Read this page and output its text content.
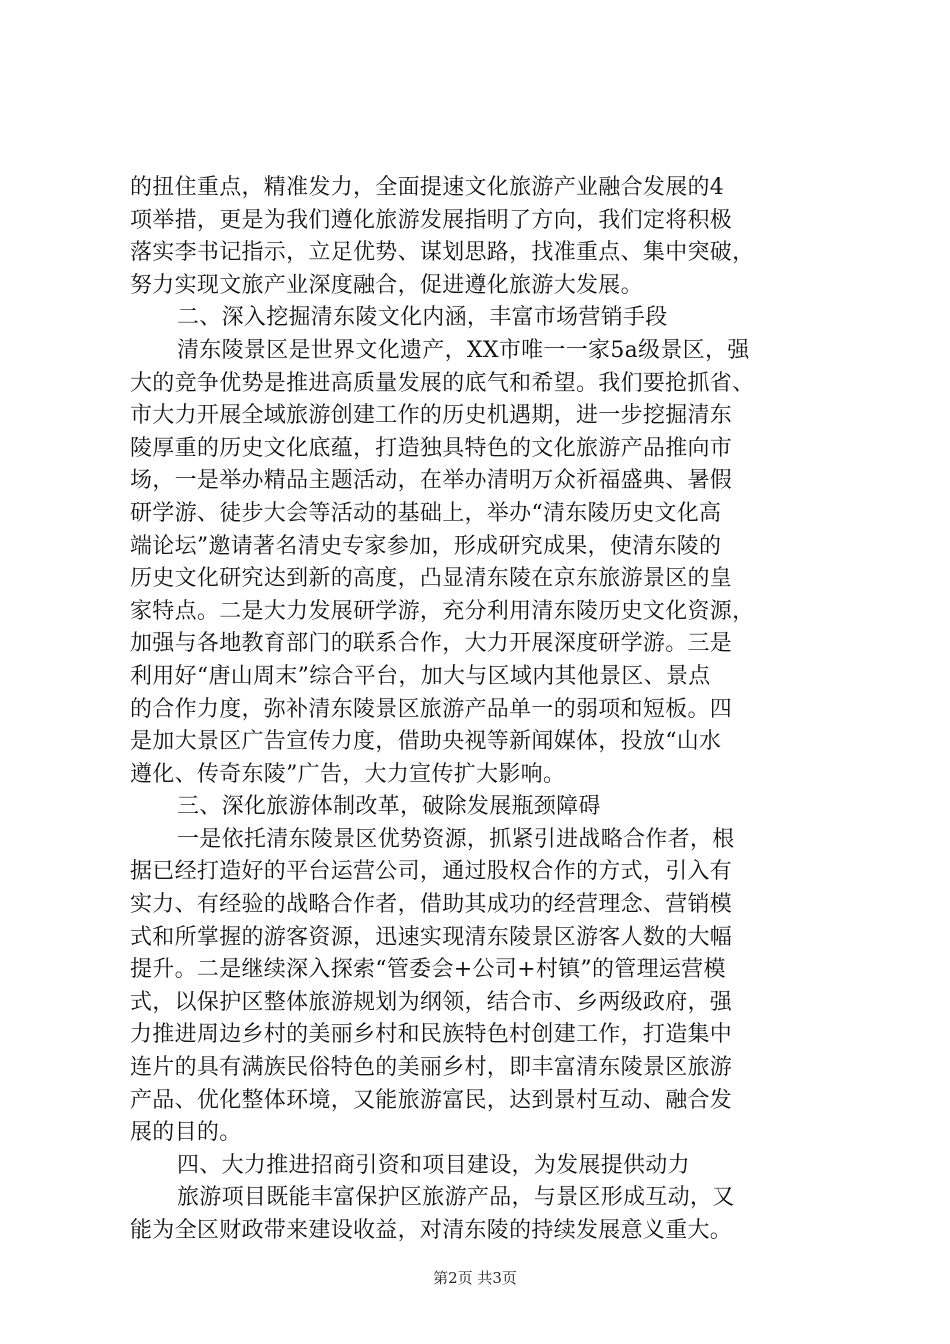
的扭住重点，精准发力，全面提速文化旅游产业融合发展的4
项举措，更是为我们遵化旅游发展指明了方向，我们定将积极
落实李书记指示，立足优势、谋划思路，找准重点、集中突破，
努力实现文旅产业深度融合，促进遵化旅游大发展。
二、深入挖掘清东陵文化内涵，丰富市场营销手段
清东陵景区是世界文化遗产，XX市唯一一家5a级景区，强
大的竞争优势是推进高质量发展的底气和希望。我们要抢抓省、
市大力开展全域旅游创建工作的历史机遇期，进一步挖掘清东
陵厚重的历史文化底蕴，打造独具特色的文化旅游产品推向市
场，一是举办精品主题活动，在举办清明万众祈福盛典、暑假
研学游、徒步大会等活动的基础上，举办“清东陵历史文化高
端论坛”邀请著名清史专家参加，形成研究成果，使清东陵的
历史文化研究达到新的高度，凸显清东陵在京东旅游景区的皇
家特点。二是大力发展研学游，充分利用清东陵历史文化资源，
加强与各地教育部门的联系合作，大力开展深度研学游。三是
利用好“唐山周末”综合平台，加大与区域内其他景区、景点
的合作力度，弥补清东陵景区旅游产品单一的弱项和短板。四
是加大景区广告宣传力度，借助央视等新闻媒体，投放“山水
遵化、传奇东陵”广告，大力宣传扩大影响。
三、深化旅游体制改革，破除发展瓶颈障碍
一是依托清东陵景区优势资源，抓紧引进战略合作者，根
据已经打造好的平台运营公司，通过股权合作的方式，引入有
实力、有经验的战略合作者，借助其成功的经营理念、营销模
式和所掌握的游客资源，迅速实现清东陵景区游客人数的大幅
提升。二是继续深入探索“管委会+公司+村镇”的管理运营模
式，以保护区整体旅游规划为纲领，结合市、乡两级政府，强
力推进周边乡村的美丽乡村和民族特色村创建工作，打造集中
连片的具有满族民俗特色的美丽乡村，即丰富清东陵景区旅游
产品、优化整体环境，又能旅游富民，达到景村互动、融合发
展的目的。
四、大力推进招商引资和项目建设，为发展提供动力
旅游项目既能丰富保护区旅游产品，与景区形成互动，又
能为全区财政带来建设收益，对清东陵的持续发展意义重大。
第2页 共3页
